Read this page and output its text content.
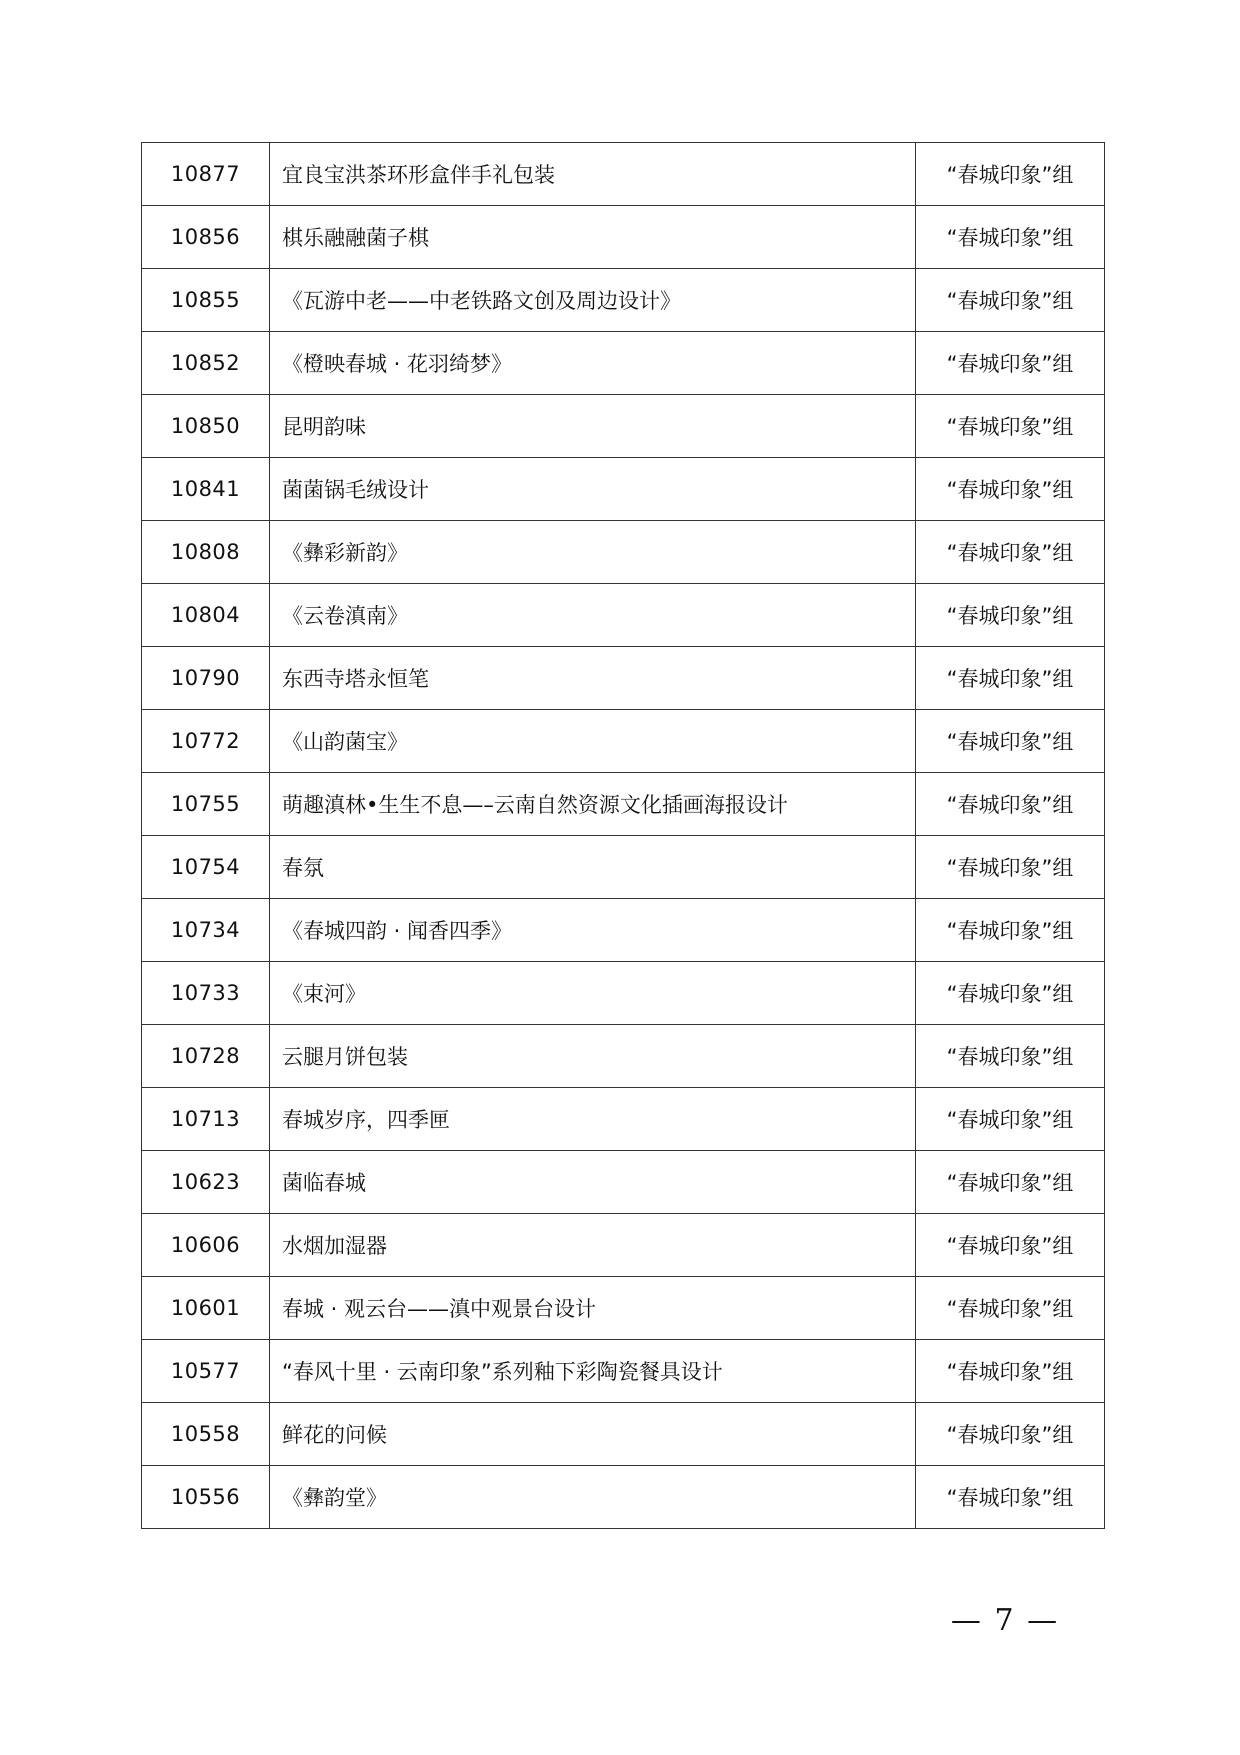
10877	宜良宝洪茶环形盒伴手礼包装	“春城印象”组
10856	棋乐融融菌子棋	“春城印象”组
10855	《瓦游中老——中老铁路文创及周边设计》	“春城印象”组
10852	《橙映春城 · 花羽绮梦》	“春城印象”组
10850	昆明韵味	“春城印象”组
10841	菌菌锅毛绒设计	“春城印象”组
10808	《彝彩新韵》	“春城印象”组
10804	《云卷滇南》	“春城印象”组
10790	东西寺塔永恒笔	“春城印象”组
10772	《山韵菌宝》	“春城印象”组
10755	萌趣滇林•生生不息—–云南自然资源文化插画海报设计	“春城印象”组
10754	春氛	“春城印象”组
10734	《春城四韵 · 闻香四季》	“春城印象”组
10733	《束河》	“春城印象”组
10728	云腿月饼包装	“春城印象”组
10713	春城岁序，四季匣	“春城印象”组
10623	菌临春城	“春城印象”组
10606	水烟加湿器	“春城印象”组
10601	春城 · 观云台——滇中观景台设计	“春城印象”组
10577	“春风十里 · 云南印象”系列釉下彩陶瓷餐具设计	“春城印象”组
10558	鲜花的问候	“春城印象”组
10556	《彝韵堂》	“春城印象”组
— 7 —
